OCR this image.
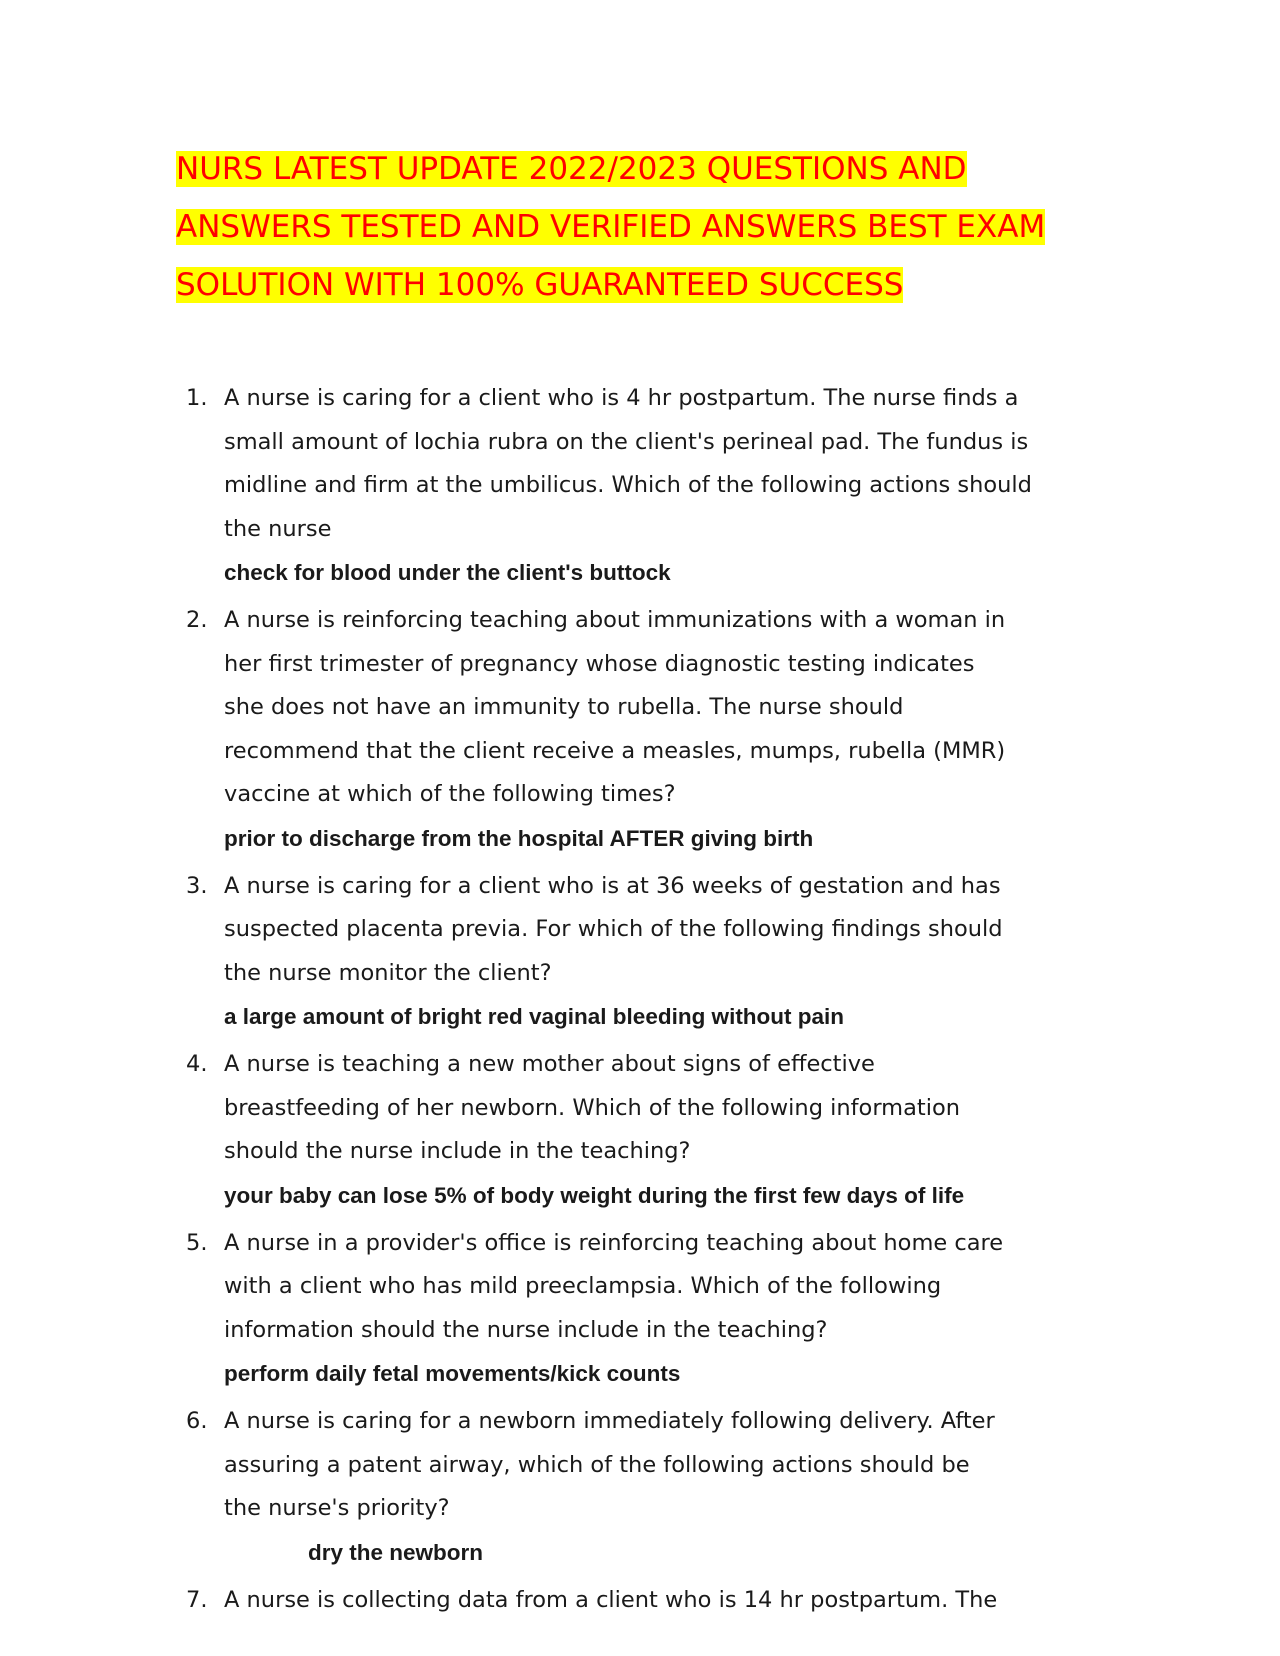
NURS LATEST UPDATE 2022/2023 QUESTIONS AND
ANSWERS TESTED AND VERIFIED ANSWERS BEST EXAM
SOLUTION WITH 100% GUARANTEED SUCCESS
1. A nurse is caring for a client who is 4 hr postpartum. The nurse finds a
small amount of lochia rubra on the client's perineal pad. The fundus is
midline and firm at the umbilicus. Which of the following actions should
the nurse

check for blood under the client's buttock

2. A nurse is reinforcing teaching about immunizations with a woman in
her first trimester of pregnancy whose diagnostic testing indicates
she does not have an immunity to rubella. The nurse should
recommend that the client receive a measles, mumps, rubella (MMR)
vaccine at which of the following times?

prior to discharge from the hospital AFTER giving birth

3. A nurse is caring for a client who is at 36 weeks of gestation and has
suspected placenta previa. For which of the following findings should
the nurse monitor the client?

a large amount of bright red vaginal bleeding without pain

4. A nurse is teaching a new mother about signs of effective
breastfeeding of her newborn. Which of the following information
should the nurse include in the teaching?

your baby can lose 5% of body weight during the first few days of life

5. A nurse in a provider's office is reinforcing teaching about home care
with a client who has mild preeclampsia. Which of the following
information should the nurse include in the teaching?

perform daily fetal movements/kick counts

6. A nurse is caring for a newborn immediately following delivery. After
assuring a patent airway, which of the following actions should be
the nurse's priority?

dry the newborn

7. A nurse is collecting data from a client who is 14 hr postpartum. The
